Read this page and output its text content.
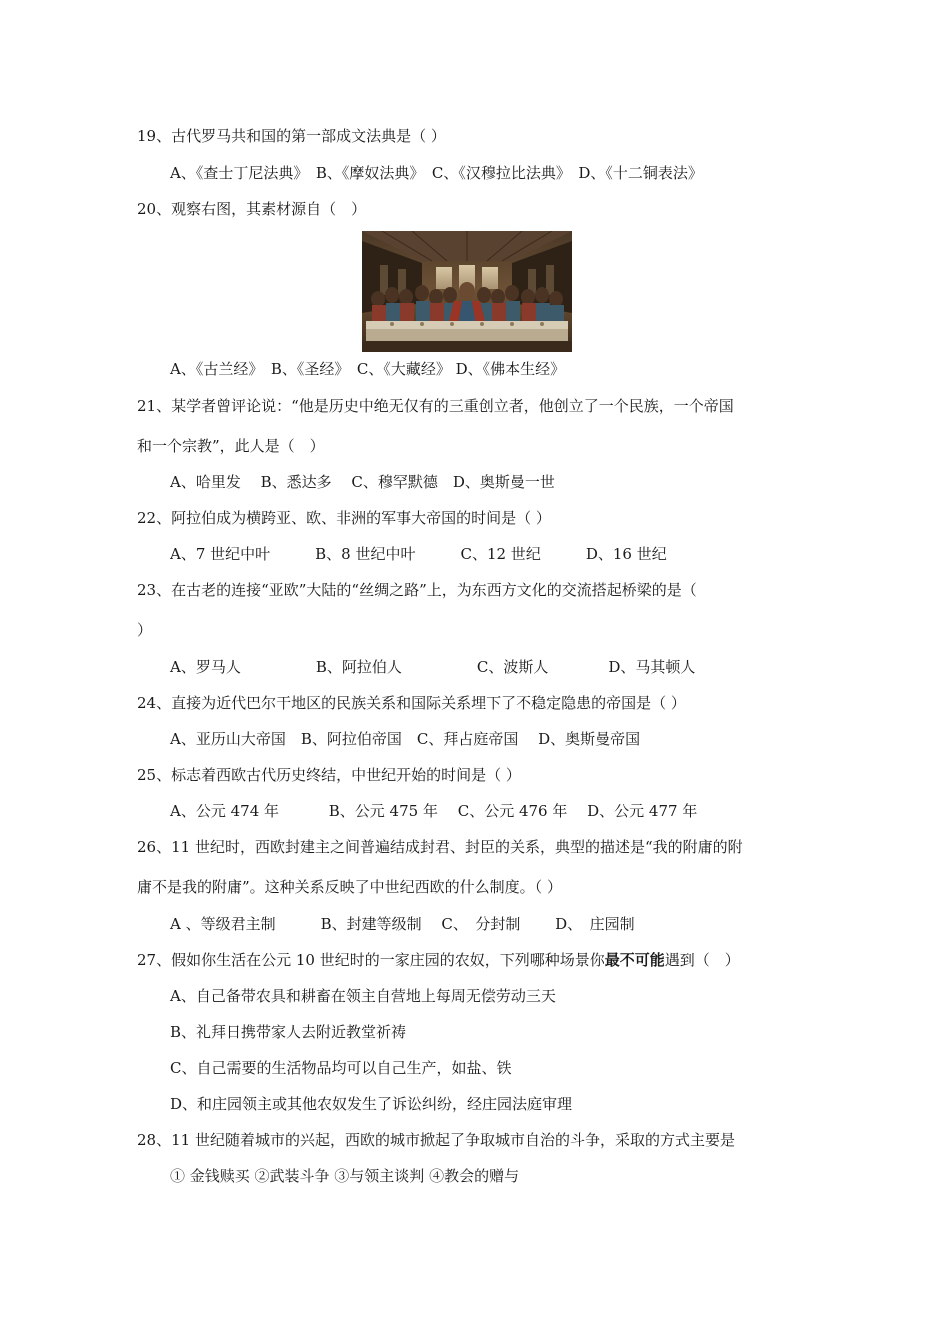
19、古代罗马共和国的第一部成文法典是（ ）
A、《查士丁尼法典》　B、《摩奴法典》　C、《汉穆拉比法典》　D、《十二铜表法》
20、观察右图，其素材源自（　）
A、《古兰经》　B、《圣经》　C、《大藏经》 D、《佛本生经》
21、某学者曾评论说：“他是历史中绝无仅有的三重创立者，他创立了一个民族，一个帝国
和一个宗教”，此人是（　）
A、哈里发　 B、悉达多　 C、穆罕默德　D、奥斯曼一世
22、阿拉伯成为横跨亚、欧、非洲的军事大帝国的时间是（ ）
A、7 世纪中叶　　　B、8 世纪中叶　　　C、12 世纪　　　D、16 世纪
23、在古老的连接“亚欧”大陆的“丝绸之路”上，为东西方文化的交流搭起桥梁的是（
）
A、罗马人　　　　　B、阿拉伯人　　　　　C、波斯人　　　　D、马其顿人
24、直接为近代巴尔干地区的民族关系和国际关系埋下了不稳定隐患的帝国是（ ）
A、亚历山大帝国　B、阿拉伯帝国　C、拜占庭帝国　 D、奥斯曼帝国
25、标志着西欧古代历史终结，中世纪开始的时间是（ ）
A、公元 474 年　　　 B、公元 475 年　 C、公元 476 年　 D、公元 477 年
26、11 世纪时，西欧封建主之间普遍结成封君、封臣的关系，典型的描述是“我的附庸的附
庸不是我的附庸”。这种关系反映了中世纪西欧的什么制度。（ ）
A 、等级君主制　　　B、封建等级制　 C、　分封制　　 D、　庄园制
27、假如你生活在公元 10 世纪时的一家庄园的农奴，下列哪种场景你最不可能遇到（　）
A、自己备带农具和耕畜在领主自营地上每周无偿劳动三天
B、礼拜日携带家人去附近教堂祈祷
C、自己需要的生活物品均可以自己生产，如盐、铁
D、和庄园领主或其他农奴发生了诉讼纠纷，经庄园法庭审理
28、11 世纪随着城市的兴起，西欧的城市掀起了争取城市自治的斗争，采取的方式主要是
① 金钱赎买 ②武装斗争 ③与领主谈判 ④教会的赠与
